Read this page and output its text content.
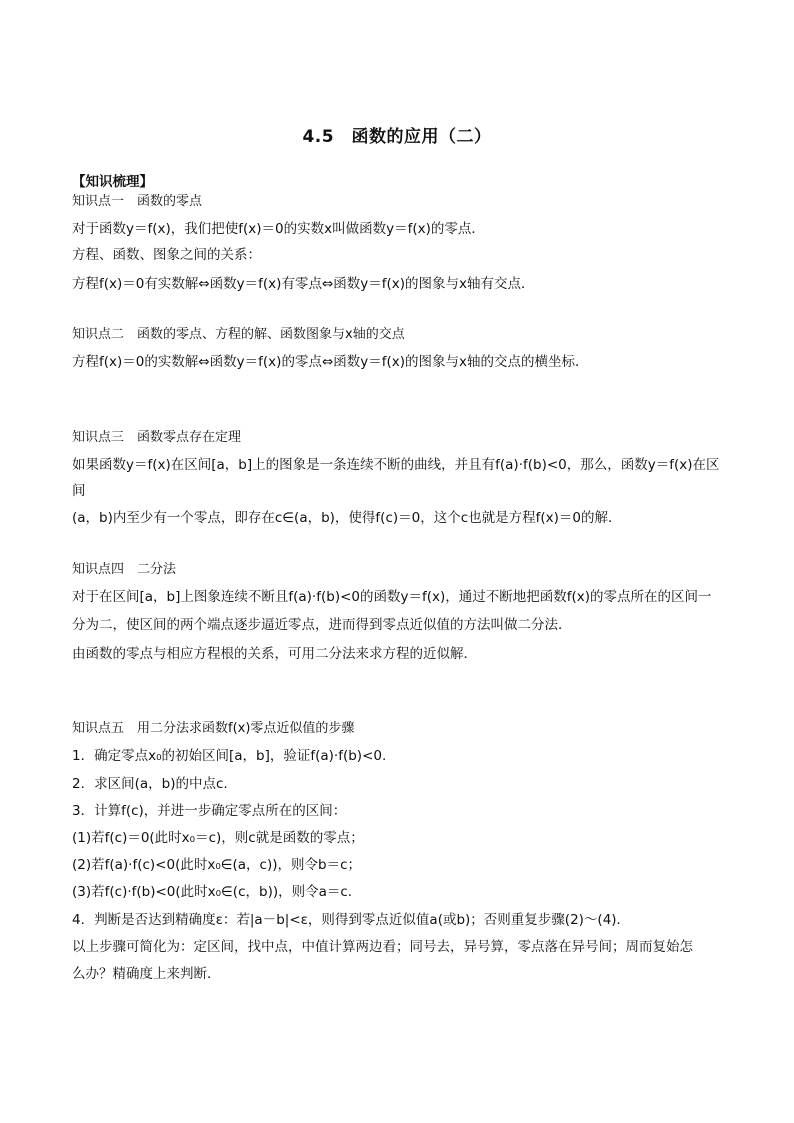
4.5　函数的应用（二）
【知识梳理】
知识点一　函数的零点
对于函数y＝f(x)，我们把使f(x)＝0的实数x叫做函数y＝f(x)的零点．
方程、函数、图象之间的关系：
方程f(x)＝0有实数解⇔函数y＝f(x)有零点⇔函数y＝f(x)的图象与x轴有交点．
知识点二　函数的零点、方程的解、函数图象与x轴的交点
方程f(x)＝0的实数解⇔函数y＝f(x)的零点⇔函数y＝f(x)的图象与x轴的交点的横坐标．
知识点三　函数零点存在定理
如果函数y＝f(x)在区间[a，b]上的图象是一条连续不断的曲线，并且有f(a)·f(b)<0，那么，函数y＝f(x)在区
间
(a，b)内至少有一个零点，即存在c∈(a，b)，使得f(c)＝0，这个c也就是方程f(x)＝0的解．
知识点四　二分法
对于在区间[a，b]上图象连续不断且f(a)·f(b)<0的函数y＝f(x)，通过不断地把函数f(x)的零点所在的区间一
分为二，使区间的两个端点逐步逼近零点，进而得到零点近似值的方法叫做二分法．
由函数的零点与相应方程根的关系，可用二分法来求方程的近似解．
知识点五　用二分法求函数f(x)零点近似值的步骤
1．确定零点x₀的初始区间[a，b]，验证f(a)·f(b)<0.
2．求区间(a，b)的中点c.
3．计算f(c)，并进一步确定零点所在的区间：
(1)若f(c)＝0(此时x₀＝c)，则c就是函数的零点；
(2)若f(a)·f(c)<0(此时x₀∈(a，c))，则令b＝c；
(3)若f(c)·f(b)<0(此时x₀∈(c，b))，则令a＝c.
4．判断是否达到精确度ε：若|a－b|<ε，则得到零点近似值a(或b)；否则重复步骤(2)～(4)．
以上步骤可简化为：定区间，找中点，中值计算两边看；同号去，异号算，零点落在异号间；周而复始怎
么办？精确度上来判断．
